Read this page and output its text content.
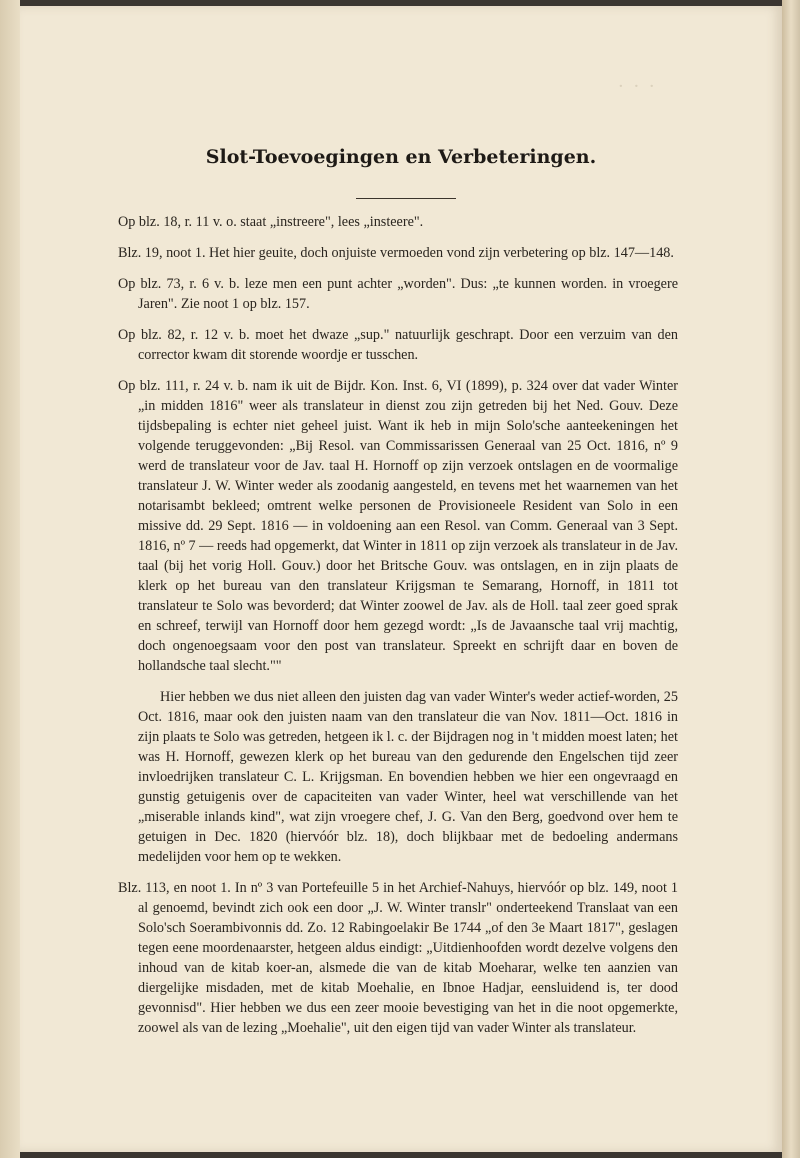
· · ·
Slot-Toevoegingen en Verbeteringen.

Op blz. 18, r. 11 v. o. staat „instreere", lees „insteere".

Blz. 19, noot 1. Het hier geuite, doch onjuiste vermoeden vond zijn verbetering op blz. 147—148.

Op blz. 73, r. 6 v. b. leze men een punt achter „worden". Dus: „te kunnen worden. in vroegere Jaren". Zie noot 1 op blz. 157.

Op blz. 82, r. 12 v. b. moet het dwaze „sup." natuurlijk geschrapt. Door een verzuim van den corrector kwam dit storende woordje er tusschen.

Op blz. 111, r. 24 v. b. nam ik uit de Bijdr. Kon. Inst. 6, VI (1899), p. 324 over dat vader Winter „in midden 1816" weer als translateur in dienst zou zijn getreden bij het Ned. Gouv. Deze tijdsbepaling is echter niet geheel juist. Want ik heb in mijn Solo'sche aanteekeningen het volgende teruggevonden: „Bij Resol. van Commissarissen Generaal van 25 Oct. 1816, nº 9 werd de translateur voor de Jav. taal H. Hornoff op zijn verzoek ontslagen en de voormalige translateur J. W. Winter weder als zoodanig aangesteld, en tevens met het waarnemen van het notarisambt bekleed; omtrent welke personen de Provisioneele Resident van Solo in een missive dd. 29 Sept. 1816 — in voldoening aan een Resol. van Comm. Generaal van 3 Sept. 1816, nº 7 — reeds had opgemerkt, dat Winter in 1811 op zijn verzoek als translateur in de Jav. taal (bij het vorig Holl. Gouv.) door het Britsche Gouv. was ontslagen, en in zijn plaats de klerk op het bureau van den translateur Krijgsman te Semarang, Hornoff, in 1811 tot translateur te Solo was bevorderd; dat Winter zoowel de Jav. als de Holl. taal zeer goed sprak en schreef, terwijl van Hornoff door hem gezegd wordt: „Is de Javaansche taal vrij machtig, doch ongenoegsaam voor den post van translateur. Spreekt en schrijft daar en boven de hollandsche taal slecht.""

Hier hebben we dus niet alleen den juisten dag van vader Winter's weder actief-worden, 25 Oct. 1816, maar ook den juisten naam van den translateur die van Nov. 1811—Oct. 1816 in zijn plaats te Solo was getreden, hetgeen ik l. c. der Bijdragen nog in 't midden moest laten; het was H. Hornoff, gewezen klerk op het bureau van den gedurende den Engelschen tijd zeer invloedrijken translateur C. L. Krijgsman. En bovendien hebben we hier een ongevraagd en gunstig getuigenis over de capaciteiten van vader Winter, heel wat verschillende van het „miserable inlands kind", wat zijn vroegere chef, J. G. Van den Berg, goedvond over hem te getuigen in Dec. 1820 (hiervóór blz. 18), doch blijkbaar met de bedoeling andermans medelijden voor hem op te wekken.

Blz. 113, en noot 1. In nº 3 van Portefeuille 5 in het Archief-Nahuys, hiervóór op blz. 149, noot 1 al genoemd, bevindt zich ook een door „J. W. Winter translr" onderteekend Translaat van een Solo'sch Soerambivonnis dd. Zo. 12 Rabingoelakir Be 1744 „of den 3e Maart 1817", geslagen tegen eene moordenaarster, hetgeen aldus eindigt: „Uitdienhoofden wordt dezelve volgens den inhoud van de kitab koer-an, alsmede die van de kitab Moeharar, welke ten aanzien van diergelijke misdaden, met de kitab Moehalie, en Ibnoe Hadjar, eensluidend is, ter dood gevonnisd". Hier hebben we dus een zeer mooie bevestiging van het in die noot opgemerkte, zoowel als van de lezing „Moehalie", uit den eigen tijd van vader Winter als translateur.
